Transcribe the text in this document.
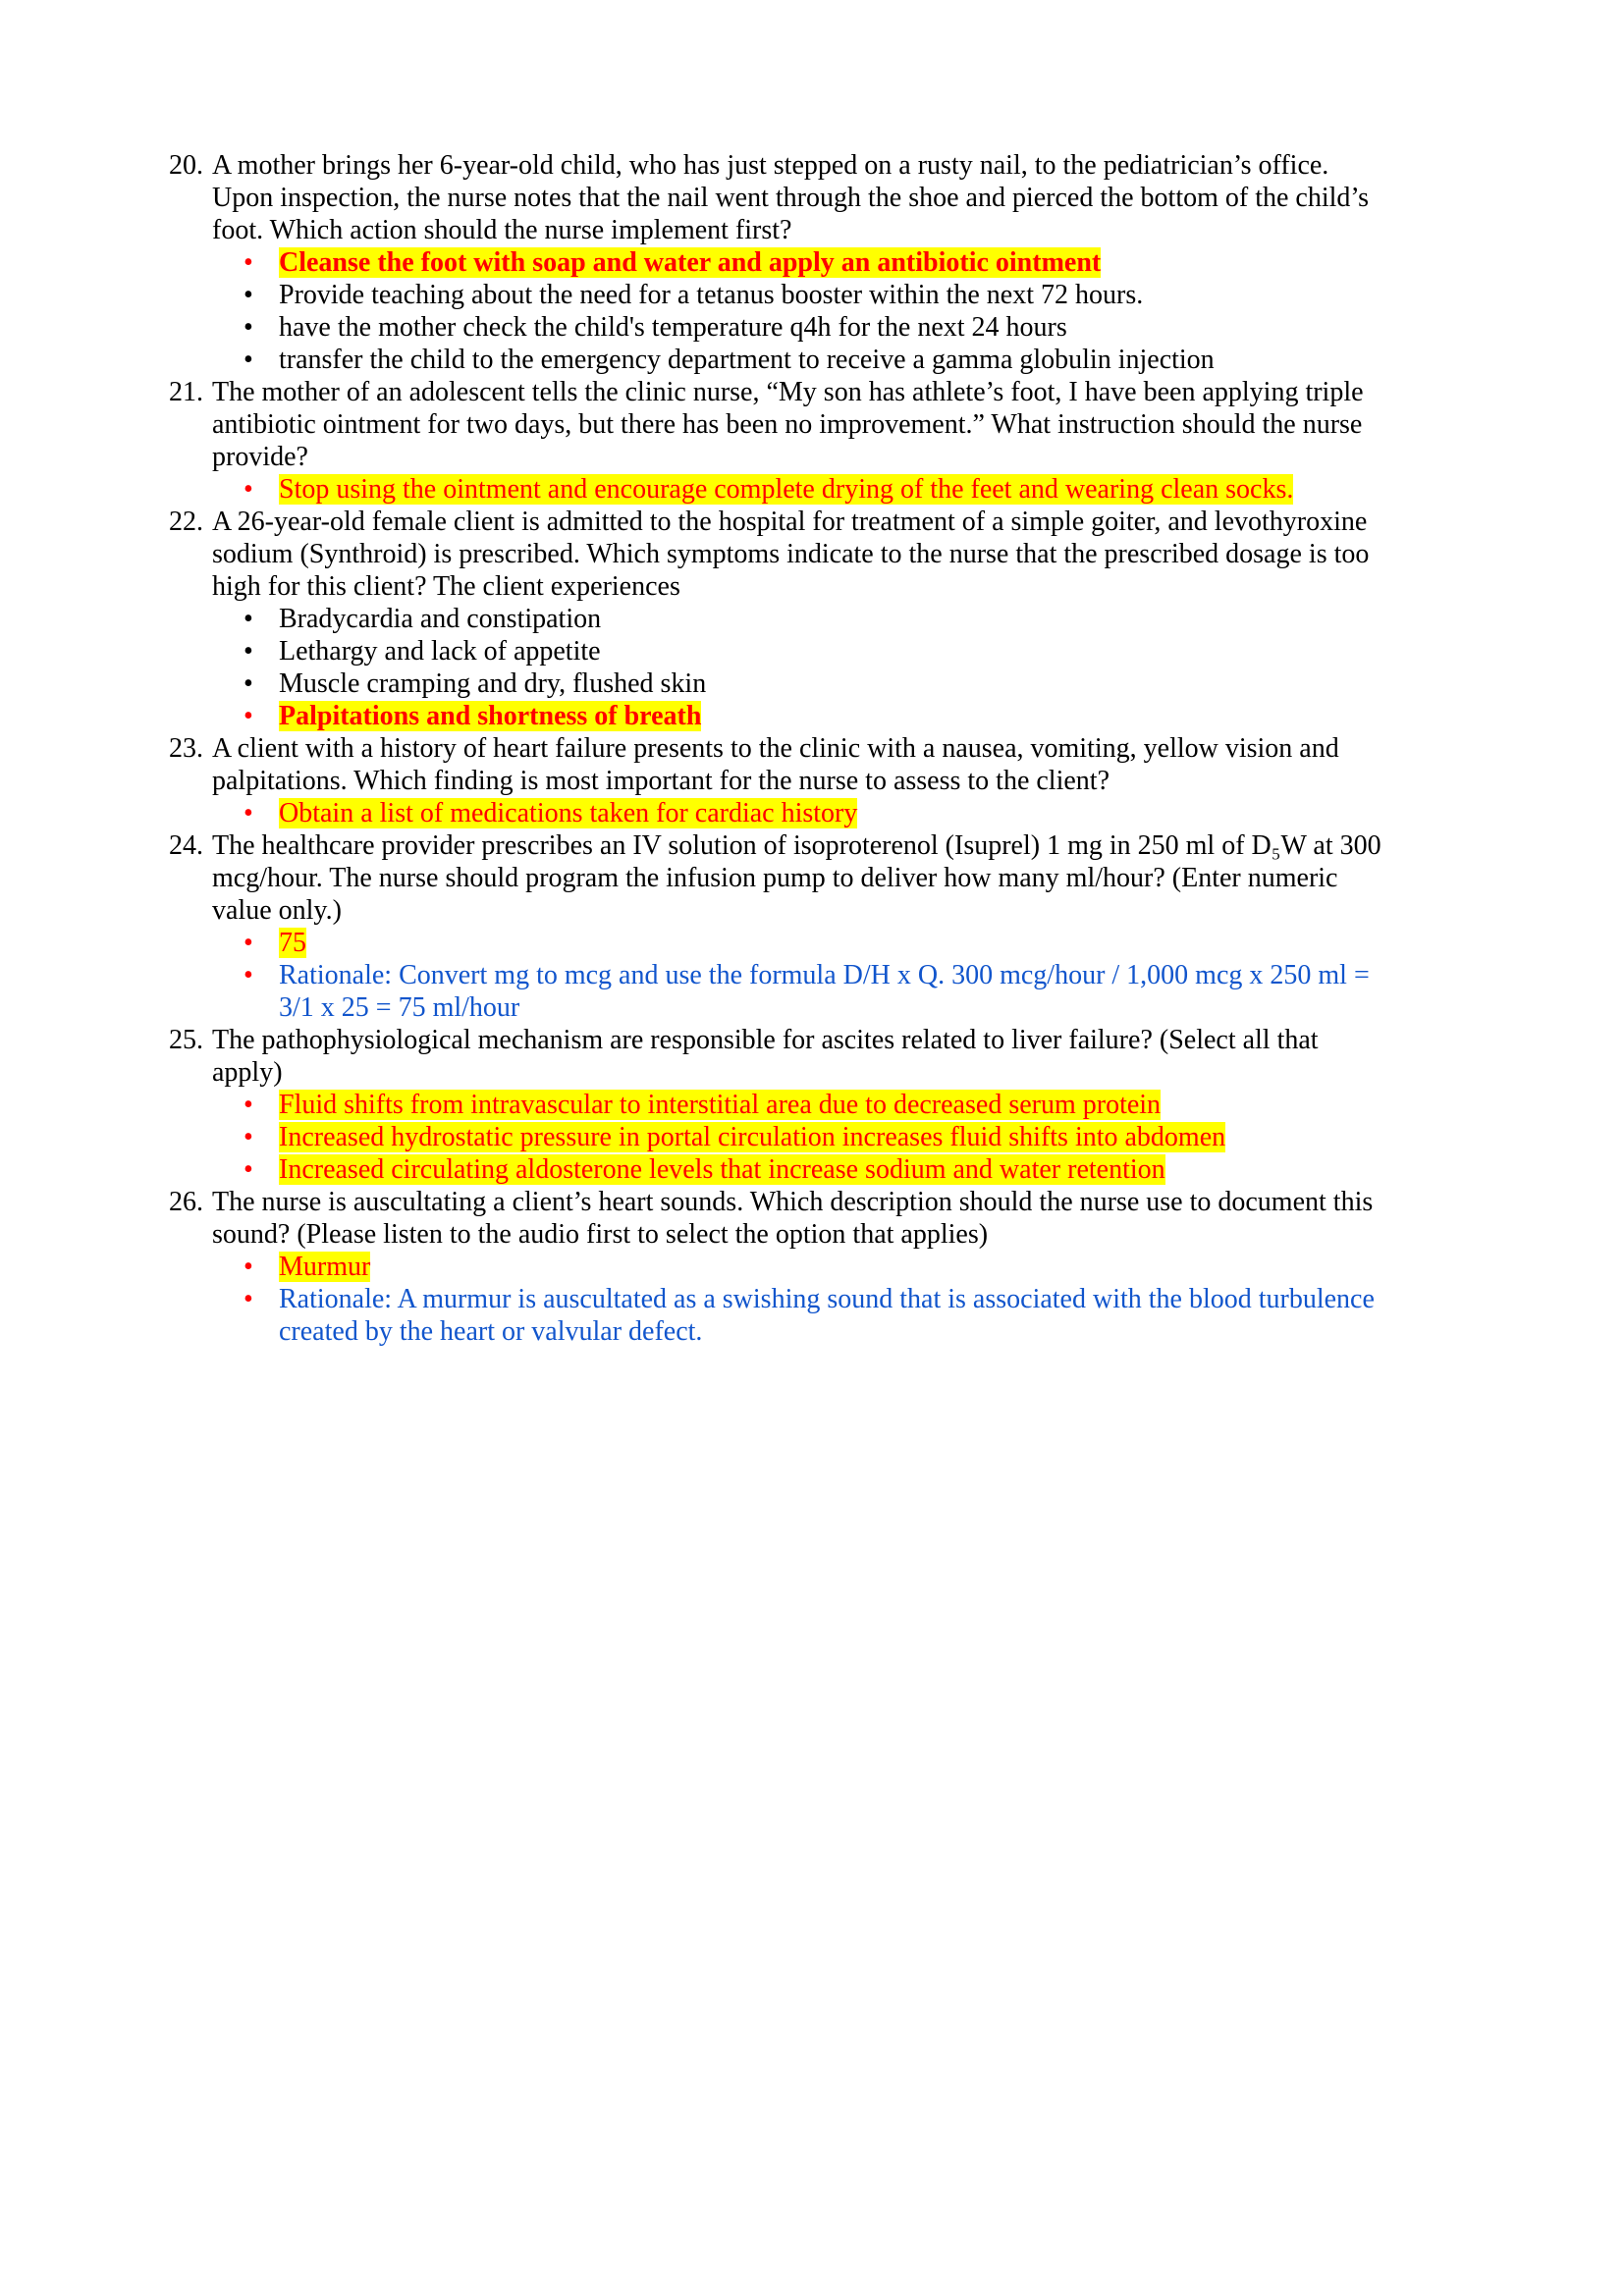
20. A mother brings her 6-year-old child, who has just stepped on a rusty nail, to the pediatrician’s office. Upon inspection, the nurse notes that the nail went through the shoe and pierced the bottom of the child’s foot. Which action should the nurse implement first?

• Cleanse the foot with soap and water and apply an antibiotic ointment
• Provide teaching about the need for a tetanus booster within the next 72 hours.
• have the mother check the child's temperature q4h for the next 24 hours
• transfer the child to the emergency department to receive a gamma globulin injection

21. The mother of an adolescent tells the clinic nurse, “My son has athlete’s foot, I have been applying triple antibiotic ointment for two days, but there has been no improvement.” What instruction should the nurse provide?

• Stop using the ointment and encourage complete drying of the feet and wearing clean socks.

22. A 26-year-old female client is admitted to the hospital for treatment of a simple goiter, and levothyroxine sodium (Synthroid) is prescribed. Which symptoms indicate to the nurse that the prescribed dosage is too high for this client? The client experiences

• Bradycardia and constipation
• Lethargy and lack of appetite
• Muscle cramping and dry, flushed skin
• Palpitations and shortness of breath

23. A client with a history of heart failure presents to the clinic with a nausea, vomiting, yellow vision and palpitations. Which finding is most important for the nurse to assess to the client?

• Obtain a list of medications taken for cardiac history

24. The healthcare provider prescribes an IV solution of isoproterenol (Isuprel) 1 mg in 250 ml of D₅W at 300 mcg/hour. The nurse should program the infusion pump to deliver how many ml/hour? (Enter numeric value only.)

• 75
• Rationale: Convert mg to mcg and use the formula D/H x Q. 300 mcg/hour / 1,000 mcg x 250 ml = 3/1 x 25 = 75 ml/hour

25. The pathophysiological mechanism are responsible for ascites related to liver failure? (Select all that apply)

• Fluid shifts from intravascular to interstitial area due to decreased serum protein
• Increased hydrostatic pressure in portal circulation increases fluid shifts into abdomen
• Increased circulating aldosterone levels that increase sodium and water retention

26. The nurse is auscultating a client’s heart sounds. Which description should the nurse use to document this sound? (Please listen to the audio first to select the option that applies)

• Murmur
• Rationale: A murmur is auscultated as a swishing sound that is associated with the blood turbulence created by the heart or valvular defect.
